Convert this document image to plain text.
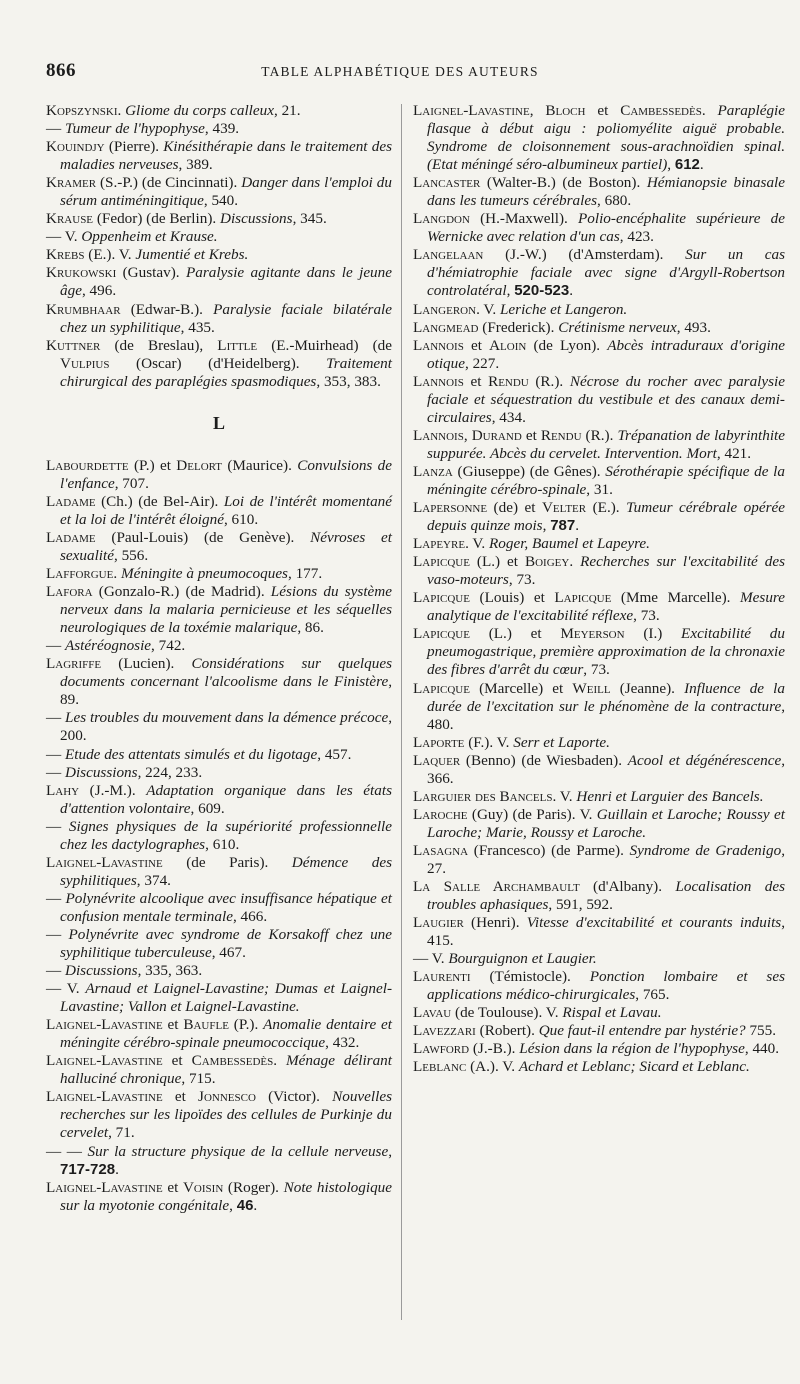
866	TABLE ALPHABÉTIQUE DES AUTEURS
Kopszynski. Gliome du corps calleux, 21.
— Tumeur de l'hypophyse, 439.
Kouindjy (Pierre). Kinésithérapie dans le traitement des maladies nerveuses, 389.
Kramer (S.-P.) (de Cincinnati). Danger dans l'emploi du sérum antiméningitique, 540.
Krause (Fedor) (de Berlin). Discussions, 345.
— V. Oppenheim et Krause.
Krebs (E.). V. Jumentié et Krebs.
Krukowski (Gustav). Paralysie agitante dans le jeune âge, 496.
Krumbhaar (Edwar-B.). Paralysie faciale bilatérale chez un syphilitique, 435.
Kuttner (de Breslau), Little (E.-Muirhead) (de Vulpius (Oscar) (d'Heidelberg). Traitement chirurgical des paraplégies spasmodiques, 353, 383.
L
Labourdette (P.) et Delort (Maurice). Convulsions de l'enfance, 707.
Ladame (Ch.) (de Bel-Air). Loi de l'intérêt momentané et la loi de l'intérêt éloigné, 610.
Ladame (Paul-Louis) (de Genève). Névroses et sexualité, 556.
Lafforgue. Méningite à pneumocoques, 177.
Lafora (Gonzalo-R.) (de Madrid). Lésions du système nerveux dans la malaria pernicieuse et les séquelles neurologiques de la toxémie malarique, 86.
— Astéréognosie, 742.
Lagriffe (Lucien). Considérations sur quelques documents concernant l'alcoolisme dans le Finistère, 89.
— Les troubles du mouvement dans la démence précoce, 200.
— Etude des attentats simulés et du ligotage, 457.
— Discussions, 224, 233.
Lahy (J.-M.). Adaptation organique dans les états d'attention volontaire, 609.
— Signes physiques de la supériorité professionnelle chez les dactylographes, 610.
Laignel-Lavastine (de Paris). Démence des syphilitiques, 374.
— Polynévrite alcoolique avec insuffisance hépatique et confusion mentale terminale, 466.
— Polynévrite avec syndrome de Korsakoff chez une syphilitique tuberculeuse, 467.
— Discussions, 335, 363.
— V. Arnaud et Laignel-Lavastine; Dumas et Laignel-Lavastine; Vallon et Laignel-Lavastine.
Laignel-Lavastine et Baufle (P.). Anomalie dentaire et méningite cérébro-spinale pneumococcique, 432.
Laignel-Lavastine et Cambessedès. Ménage délirant halluciné chronique, 715.
Laignel-Lavastine et Jonnesco (Victor). Nouvelles recherches sur les lipoïdes des cellules de Purkinje du cervelet, 71.
— — Sur la structure physique de la cellule nerveuse, 717-728.
Laignel-Lavastine et Voisin (Roger). Note histologique sur la myotonie congénitale, 46.
Laignel-Lavastine, Bloch et Cambessedès. Paraplégie flasque à début aigu : poliomyélite aiguë probable. Syndrome de cloisonnement sous-arachnoïdien spinal. (Etat méningé séro-albumineux partiel), 612.
Lancaster (Walter-B.) (de Boston). Hémianopsie binasale dans les tumeurs cérébrales, 680.
Langdon (H.-Maxwell). Polio-encéphalite supérieure de Wernicke avec relation d'un cas, 423.
Langelaan (J.-W.) (d'Amsterdam). Sur un cas d'hémiatrophie faciale avec signe d'Argyll-Robertson controlatéral, 520-523.
Langeron. V. Leriche et Langeron.
Langmead (Frederick). Crétinisme nerveux, 493.
Lannois et Aloin (de Lyon). Abcès intraduraux d'origine otique, 227.
Lannois et Rendu (R.). Nécrose du rocher avec paralysie faciale et séquestration du vestibule et des canaux demi-circulaires, 434.
Lannois, Durand et Rendu (R.). Trépanation de labyrinthite suppurée. Abcès du cervelet. Intervention. Mort, 421.
Lanza (Giuseppe) (de Gênes). Sérothérapie spécifique de la méningite cérébro-spinale, 31.
Lapersonne (de) et Velter (E.). Tumeur cérébrale opérée depuis quinze mois, 787.
Lapeyre. V. Roger, Baumel et Lapeyre.
Lapicque (L.) et Boigey. Recherches sur l'excitabilité des vaso-moteurs, 73.
Lapicque (Louis) et Lapicque (Mme Marcelle). Mesure analytique de l'excitabilité réflexe, 73.
Lapicque (L.) et Meyerson (I.) Excitabilité du pneumogastrique, première approximation de la chronaxie des fibres d'arrêt du cœur, 73.
Lapicque (Marcelle) et Weill (Jeanne). Influence de la durée de l'excitation sur le phénomène de la contracture, 480.
Laporte (F.). V. Serr et Laporte.
Laquer (Benno) (de Wiesbaden). Acool et dégénérescence, 366.
Larguier des Bancels. V. Henri et Larguier des Bancels.
Laroche (Guy) (de Paris). V. Guillain et Laroche; Roussy et Laroche; Marie, Roussy et Laroche.
Lasagna (Francesco) (de Parme). Syndrome de Gradenigo, 27.
La Salle Archambault (d'Albany). Localisation des troubles aphasiques, 591, 592.
Laugier (Henri). Vitesse d'excitabilité et courants induits, 415.
— V. Bourguignon et Laugier.
Laurenti (Témistocle). Ponction lombaire et ses applications médico-chirurgicales, 765.
Lavau (de Toulouse). V. Rispal et Lavau.
Lavezzari (Robert). Que faut-il entendre par hystérie? 755.
Lawford (J.-B.). Lésion dans la région de l'hypophyse, 440.
Leblanc (A.). V. Achard et Leblanc; Sicard et Leblanc.
